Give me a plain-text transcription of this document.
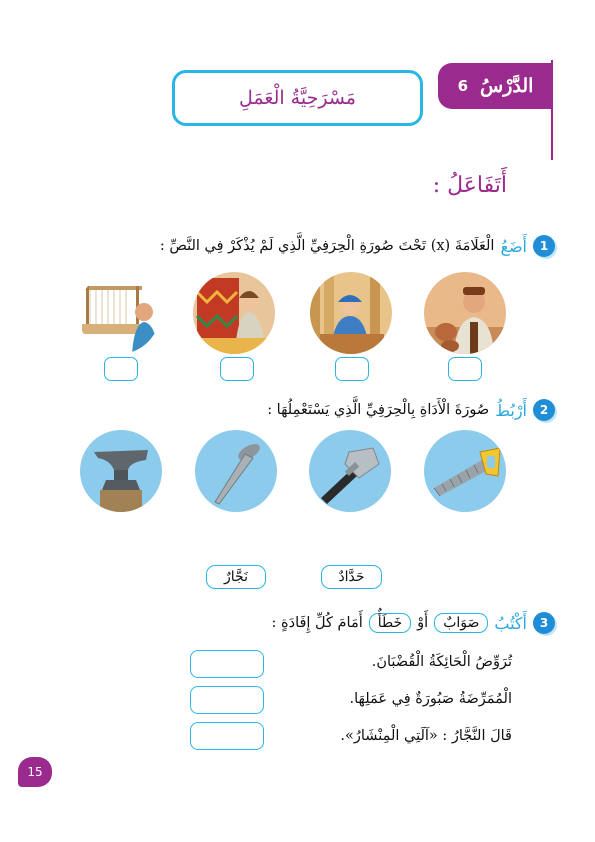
الدَّرْسُ
6
مَسْرَحِيَّةُ الْعَمَلِ
أَتَفَاعَلُ :
1
أَضَعُ
الْعَلَامَةَ (x) تَحْتَ صُورَةِ الْحِرَفِيِّ الَّذِي لَمْ يُذْكَرْ فِي النَّصِّ :
2
أَرْبُطُ
صُورَةَ الْأَدَاةِ بِالْحِرَفِيِّ الَّذِي يَسْتَعْمِلُهَا :
حَدَّادٌ
نَجَّارٌ
3
أَكْتُبُ
صَوَابٌ
أَوْ
خَطَأٌ
أَمَامَ كُلِّ إِفَادَةٍ :
تُرَوِّضُ الْحَائِكَةُ الْقُضْبَانَ.
الْمُمَرِّضَةُ صَبُورَةٌ فِي عَمَلِهَا.
قَالَ النَّجَّارُ : «آلَتِي الْمِنْشَارُ».
15
